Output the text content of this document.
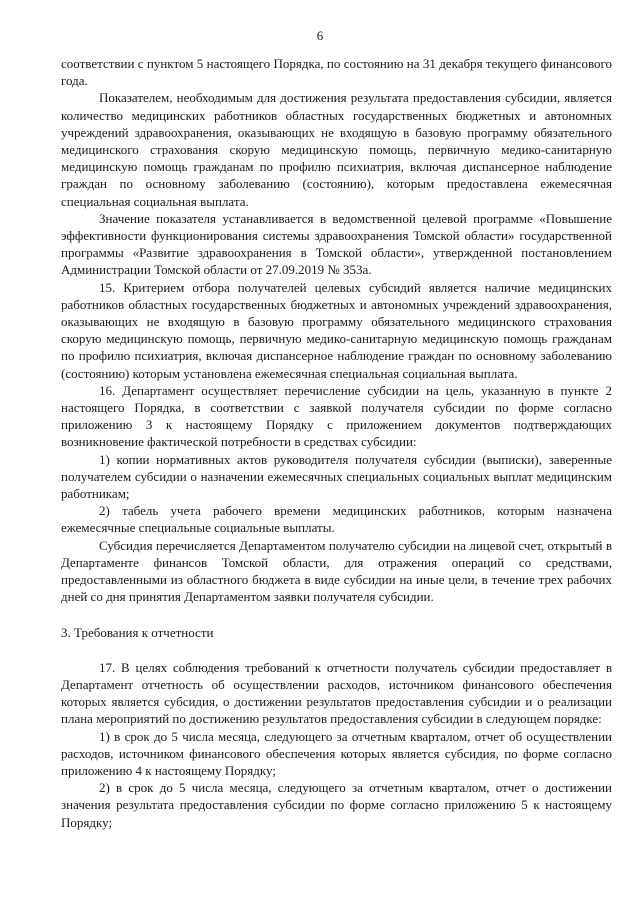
6

соответствии с пунктом 5 настоящего Порядка, по состоянию на 31 декабря текущего финансового года.

Показателем, необходимым для достижения результата предоставления субсидии, является количество медицинских работников областных государственных бюджетных и автономных учреждений здравоохранения, оказывающих не входящую в базовую программу обязательного медицинского страхования скорую медицинскую помощь, первичную медико-санитарную медицинскую помощь гражданам по профилю психиатрия, включая диспансерное наблюдение граждан по основному заболеванию (состоянию), которым предоставлена ежемесячная специальная социальная выплата.

Значение показателя устанавливается в ведомственной целевой программе «Повышение эффективности функционирования системы здравоохранения Томской области» государственной программы «Развитие здравоохранения в Томской области», утвержденной постановлением Администрации Томской области от 27.09.2019 № 353а.

15. Критерием отбора получателей целевых субсидий является наличие медицинских работников областных государственных бюджетных и автономных учреждений здравоохранения, оказывающих не входящую в базовую программу обязательного медицинского страхования скорую медицинскую помощь, первичную медико-санитарную медицинскую помощь гражданам по профилю психиатрия, включая диспансерное наблюдение граждан по основному заболеванию (состоянию) которым установлена ежемесячная специальная социальная выплата.

16. Департамент осуществляет перечисление субсидии на цель, указанную в пункте 2 настоящего Порядка, в соответствии с заявкой получателя субсидии по форме согласно приложению 3 к настоящему Порядку с приложением документов подтверждающих возникновение фактической потребности в средствах субсидии:

1) копии нормативных актов руководителя получателя субсидии (выписки), заверенные получателем субсидии о назначении ежемесячных специальных социальных выплат медицинским работникам;

2) табель учета рабочего времени медицинских работников, которым назначена ежемесячные специальные социальные выплаты.

Субсидия перечисляется Департаментом получателю субсидии на лицевой счет, открытый в Департаменте финансов Томской области, для отражения операций со средствами, предоставленными из областного бюджета в виде субсидии на иные цели, в течение трех рабочих дней со дня принятия Департаментом заявки получателя субсидии.

3. Требования к отчетности

17. В целях соблюдения требований к отчетности получатель субсидии предоставляет в Департамент отчетность об осуществлении расходов, источником финансового обеспечения которых является субсидия, о достижении результатов предоставления субсидии и о реализации плана мероприятий по достижению результатов предоставления субсидии в следующем порядке:

1) в срок до 5 числа месяца, следующего за отчетным кварталом, отчет об осуществлении расходов, источником финансового обеспечения которых является субсидия, по форме согласно приложению 4 к настоящему Порядку;

2) в срок до 5 числа месяца, следующего за отчетным кварталом, отчет о достижении значения результата предоставления субсидии по форме согласно приложению 5 к настоящему Порядку;
